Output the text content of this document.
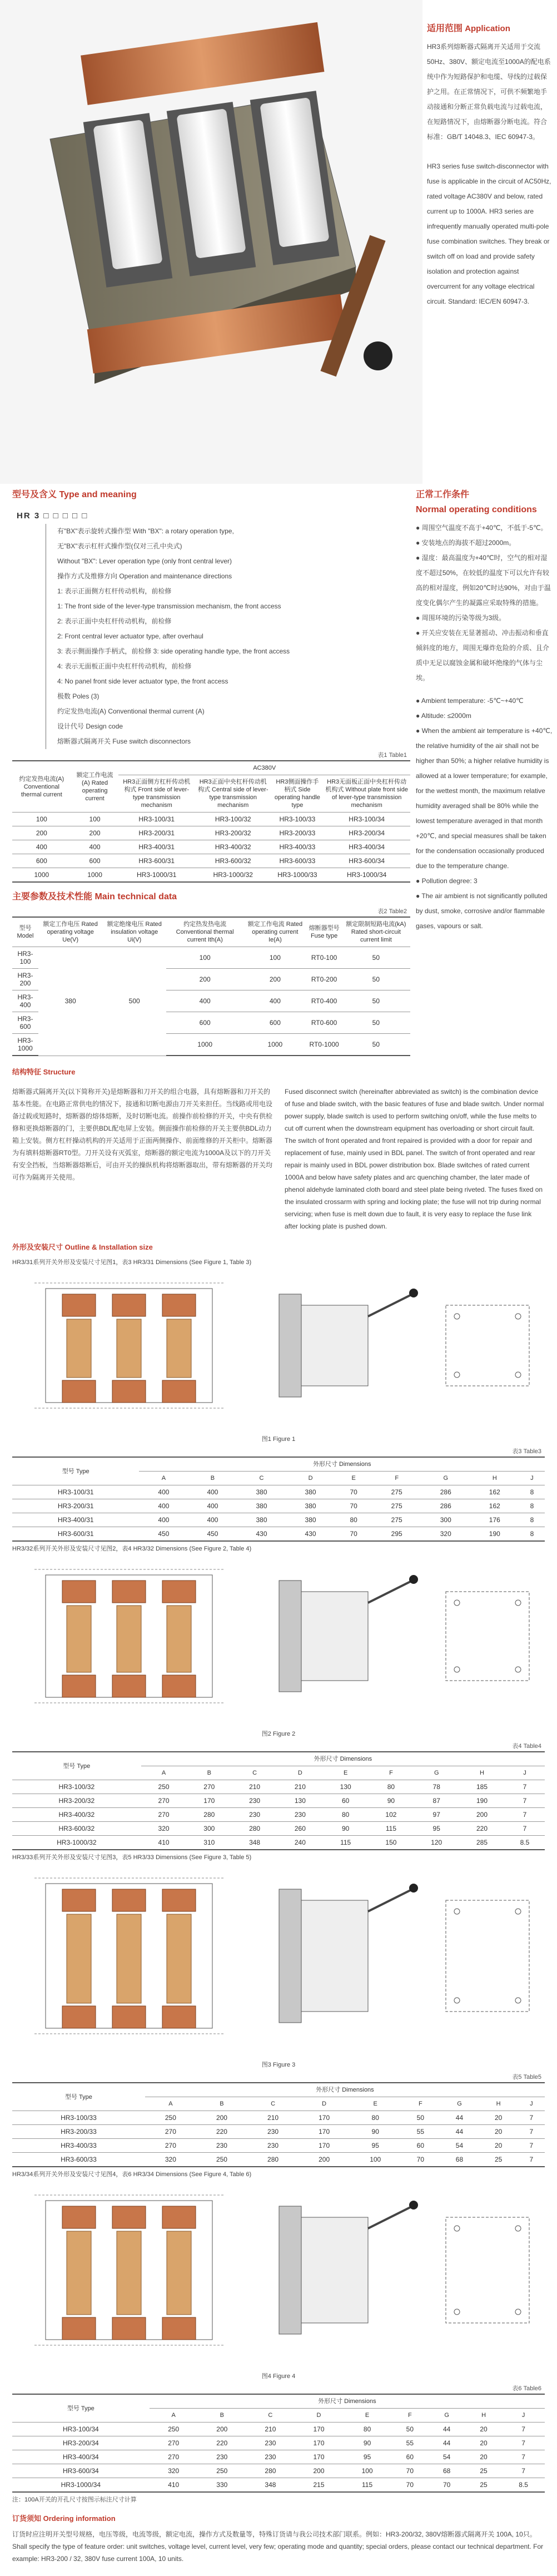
适用范围 Application

HR3系列熔断器式隔离开关适用于交流50Hz、380V、额定电流至1000A的配电系统中作为短路保护和电缆、导线的过载保护之用。在正常情况下，可供不频繁地手动接通和分断正常负载电流与过载电流，在短路情况下，由熔断器分断电流。符合标准：GB/T 14048.3、IEC 60947-3。

HR3 series fuse switch-disconnector with fuse is applicable in the circuit of AC50Hz, rated voltage AC380V and below, rated current up to 1000A. HR3 series are infrequently manually operated multi-pole fuse combination switches. They break or switch off on load and provide safety isolation and protection against overcurrent for any voltage electrical circuit. Standard: IEC/EN 60947-3.

型号及含义 Type and meaning
HR 3 □ □ □ □ □
有"BX"表示旋转式操作型 With "BX": a rotary operation type,
无"BX"表示杠杆式操作型(仅对三孔中央式)
Without "BX": Lever operation type (only front central lever)
操作方式及维修方向 Operation and maintenance directions
1: 表示正面侧方杠杆传动机构，前检修
1: The front side of the lever-type transmission mechanism, the front access
2: 表示正面中央杠杆传动机构，前检修
2: Front central lever actuator type, after overhaul
3: 表示侧面操作手柄式，前检修 3: side operating handle type, the front access
4: 表示无面板正面中央杠杆传动机构，前检修
4: No panel front side lever actuator type, the front access
极数 Poles (3)
约定发热电流(A) Conventional thermal current (A)
设计代号 Design code
熔断器式隔离开关 Fuse switch disconnectors
表1 Table1
约定发热电流(A) Conventional thermal current	额定工作电流(A) Rated operating current	AC380V			
		HR3正面侧方杠杆传动机构式 Front side of lever-type transmission mechanism	HR3正面中央杠杆传动机构式 Central side of lever-type transmission mechanism	HR3侧面操作手柄式 Side operating handle type	HR3无面板正面中央杠杆传动机构式 Without plate front side of lever-type transmission mechanism
100	100	HR3-100/31	HR3-100/32	HR3-100/33	HR3-100/34
200	200	HR3-200/31	HR3-200/32	HR3-200/33	HR3-200/34
400	400	HR3-400/31	HR3-400/32	HR3-400/33	HR3-400/34
600	600	HR3-600/31	HR3-600/32	HR3-600/33	HR3-600/34
1000	1000	HR3-1000/31	HR3-1000/32	HR3-1000/33	HR3-1000/34
主要参数及技术性能 Main technical data
表2 Table2
型号 Model	额定工作电压 Rated operating voltage Ue(V)	额定绝缘电压 Rated insulation voltage Ui(V)	约定热发热电流 Conventional thermal current Ith(A)	额定工作电流 Rated operating current Ie(A)	熔断器型号 Fuse type	额定限制短路电流(kA) Rated short-circuit current limit
HR3-100	380	500	100	100	RT0-100	50
HR3-200			200	200	RT0-200	50
HR3-400			400	400	RT0-400	50
HR3-600			600	600	RT0-600	50
HR3-1000			1000	1000	RT0-1000	50
正常工作条件
Normal operating conditions
● 周围空气温度不高于+40℃，不低于-5℃。
● 安装地点的海拔不超过2000m。
● 湿度：最高温度为+40℃时，空气的相对湿度不超过50%，在较低的温度下可以允许有较高的相对湿度，例如20℃时达90%，对由于温度变化偶尔产生的凝露应采取特殊的措施。
● 周围环境的污染等级为3级。
● 开关应安装在无显著摇动、冲击振动和垂直倾斜度的地方，周围无爆炸危险的介质、且介质中无足以腐蚀金属和破坏绝缘的气体与尘埃。
● Ambient temperature: -5℃~+40℃
● Altitude: ≤2000m
● When the ambient air temperature is +40℃, the relative humidity of the air shall not be higher than 50%; a higher relative humidity is allowed at a lower temperature; for example, for the wettest month, the maximum relative humidity averaged shall be 80% while the lowest temperature averaged in that month +20℃, and special measures shall be taken for the condensation occasionally produced due to the temperature change.
● Pollution degree: 3
● The air ambient is not significantly polluted by dust, smoke, corrosive and/or flammable gases, vapours or salt.
结构特征 Structure
熔断器式隔离开关(以下简称开关)是熔断器和刀开关的组合电器，具有熔断器和刀开关的基本性能。在电路正常供电的情况下，接通和切断电源由刀开关来担任。当线路或用电设备过载或短路时，熔断器的熔体熔断，及时切断电流。前操作前检修的开关，中央有供检修和更换熔断器的门，主要供BDL配电屏上安装。侧面操作前检修的开关主要供BDL动力箱上安装。侧方杠杆操动机构的开关适用于正面两侧操作、前面维修的开关柜中。熔断器为有填料熔断器RT0型。刀开关设有灭弧室，熔断器的额定电流为1000A及以下的刀开关有安全挡板，当熔断器熔断后，可由开关的操纵机构将熔断器取出，带有熔断器的开关均可作为隔离开关使用。
Fused disconnect switch (hereinafter abbreviated as switch) is the combination device of fuse and blade switch, with the basic features of fuse and blade switch. Under normal power supply, blade switch is used to perform switching on/off, while the fuse melts to cut off current when the downstream equipment has overloading or short circuit fault. The switch of front operated and front repaired is provided with a door for repair and replacement of fuse, mainly used in BDL panel. The switch of front operated and rear repair is mainly used in BDL power distribution box. Blade switches of rated current 1000A and below have safety plates and arc quenching chamber, the later made of phenol aldehyde laminated cloth board and steel plate being riveted. The fuses fixed on the insulated crossarm with spring and locking plate; the fuse will not trip during normal servicing; when fuse is melt down due to fault, it is very easy to replace the fuse link after locking plate is pushed down.
外形及安装尺寸 Outline & Installation size
HR3/31系列开关外形及安装尺寸见图1，表3 HR3/31 Dimensions (See Figure 1, Table 3)
图1 Figure 1
表3 Table3
型号 Type	外形尺寸 Dimensions								
	A	B	C	D	E	F	G	H	J
HR3-100/31	400	400	380	380	70	275	286	162	8
HR3-200/31	400	400	380	380	70	275	286	162	8
HR3-400/31	400	400	380	380	80	275	300	176	8
HR3-600/31	450	450	430	430	70	295	320	190	8
HR3/32系列开关外形及安装尺寸见图2，表4 HR3/32 Dimensions (See Figure 2, Table 4)
图2 Figure 2
表4 Table4
型号 Type	外形尺寸 Dimensions								
	A	B	C	D	E	F	G	H	J
HR3-100/32	250	270	210	210	130	80	78	185	7
HR3-200/32	270	170	230	130	60	90	87	190	7
HR3-400/32	270	280	230	230	80	102	97	200	7
HR3-600/32	320	300	280	260	90	115	95	220	7
HR3-1000/32	410	310	348	240	115	150	120	285	8.5
HR3/33系列开关外形及安装尺寸见图3，表5 HR3/33 Dimensions (See Figure 3, Table 5)
图3 Figure 3
表5 Table5
型号 Type	外形尺寸 Dimensions								
	A	B	C	D	E	F	G	H	J
HR3-100/33	250	200	210	170	80	50	44	20	7
HR3-200/33	270	220	230	170	90	55	44	20	7
HR3-400/33	270	230	230	170	95	60	54	20	7
HR3-600/33	320	250	280	200	100	70	68	25	7
HR3/34系列开关外形及安装尺寸见图4，表6 HR3/34 Dimensions (See Figure 4, Table 6)
图4 Figure 4
表6 Table6
型号 Type	外形尺寸 Dimensions								
	A	B	C	D	E	F	G	H	J
HR3-100/34	250	200	210	170	80	50	44	20	7
HR3-200/34	270	220	230	170	90	55	44	20	7
HR3-400/34	270	230	230	170	95	60	54	20	7
HR3-600/34	320	250	280	200	100	70	68	25	7
HR3-1000/34	410	330	348	215	115	70	70	25	8.5
注：100A开关的开孔尺寸按图示标注尺寸计算
订货须知 Ordering information

订货时应注明开关型号规格，电压等级，电流等级，额定电流，操作方式及数量等，特殊订货请与我公司技术部门联系。例如：HR3-200/32, 380V熔断器式隔离开关 100A, 10只。

Shall specify the type of feature order: unit switches, voltage level, current level, very few; operating mode and quantity; special orders, please contact our technical department. For example: HR3-200 / 32, 380V fuse current 100A, 10 units.
